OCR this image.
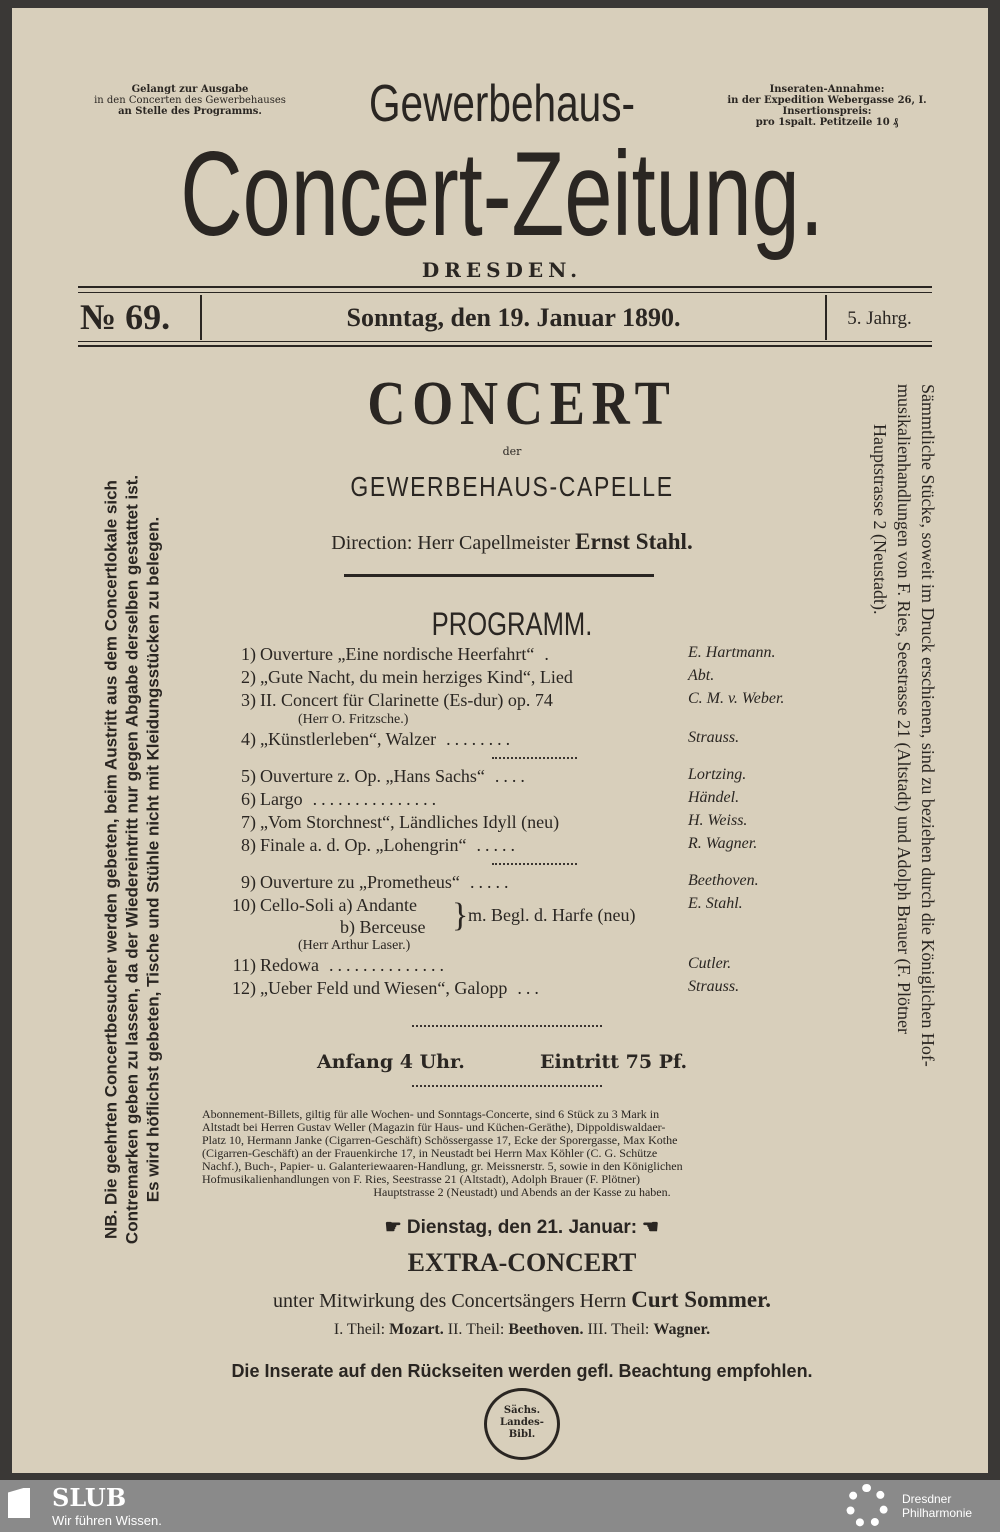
Gelangt zur Ausgabe
in den Concerten des Gewerbehauses
an Stelle des Programms.
Inseraten-Annahme:
in der Expedition Webergasse 26, I.
Insertionspreis:
pro 1spalt. Petitzeile 10 ₰
Gewerbehaus-
Concert-Zeitung.
DRESDEN.
№ 69.	Sonntag, den 19. Januar 1890.	5. Jahrg.
CONCERT
der
GEWERBEHAUS-CAPELLE
Direction: Herr Capellmeister Ernst Stahl.
PROGRAMM.
1) Ouverture „Eine nordische Heerfahrt“ .	E. Hartmann.
2) „Gute Nacht, du mein herziges Kind“, Lied	Abt.
3) II. Concert für Clarinette (Es-dur) op. 74	C. M. v. Weber.
(Herr O. Fritzsche.)
4) „Künstlerleben“, Walzer ........	Strauss.
5) Ouverture z. Op. „Hans Sachs“ ....	Lortzing.
6) Largo ...............	Händel.
7) „Vom Storchnest“, Ländliches Idyll (neu)	H. Weiss.
8) Finale a. d. Op. „Lohengrin“ .....	R. Wagner.
9) Ouverture zu „Prometheus“ .....	Beethoven.
10) Cello-Soli a) Andante	E. Stahl.
b) Berceuse } m. Begl. d. Harfe (neu)
(Herr Arthur Laser.)
11) Redowa ..............	Cutler.
12) „Ueber Feld und Wiesen“, Galopp ...	Strauss.
Anfang 4 Uhr.	Eintritt 75 Pf.
Abonnement-Billets, giltig für alle Wochen- und Sonntags-Concerte, sind 6 Stück zu 3 Mark in
Altstadt bei Herren Gustav Weller (Magazin für Haus- und Küchen-Geräthe), Dippoldiswaldaer-
Platz 10, Hermann Janke (Cigarren-Geschäft) Schössergasse 17, Ecke der Sporergasse, Max Kothe
(Cigarren-Geschäft) an der Frauenkirche 17, in Neustadt bei Herrn Max Köhler (C. G. Schütze
Nachf.), Buch-, Papier- u. Galanteriewaaren-Handlung, gr. Meissnerstr. 5, sowie in den Königlichen
Hofmusikalienhandlungen von F. Ries, Seestrasse 21 (Altstadt), Adolph Brauer (F. Plötner)
Hauptstrasse 2 (Neustadt) und Abends an der Kasse zu haben.
☛ Dienstag, den 21. Januar: ☛
EXTRA-CONCERT
unter Mitwirkung des Concertsängers Herrn Curt Sommer.
I. Theil: Mozart. II. Theil: Beethoven. III. Theil: Wagner.
Die Inserate auf den Rückseiten werden gefl. Beachtung empfohlen.
Sächs.
Landes-
Bibl.
NB. Die geehrten Concertbesucher werden gebeten, beim Austritt aus dem Concertlokale sich Contremarken geben zu lassen, da der Wiedereintritt nur gegen Abgabe derselben gestattet ist. Es wird höflichst gebeten, Tische und Stühle nicht mit Kleidungsstücken zu belegen.	Sämmtliche Stücke, soweit im Druck erschienen, sind zu beziehen durch die Königlichen Hof-
musikalienhandlungen von F. Ries, Seestrasse 21 (Altstadt) und Adolph Brauer (F. Plötner
Hauptstrasse 2 (Neustadt).
SLUB
Wir führen Wissen.
Dresdner
Philharmonie
